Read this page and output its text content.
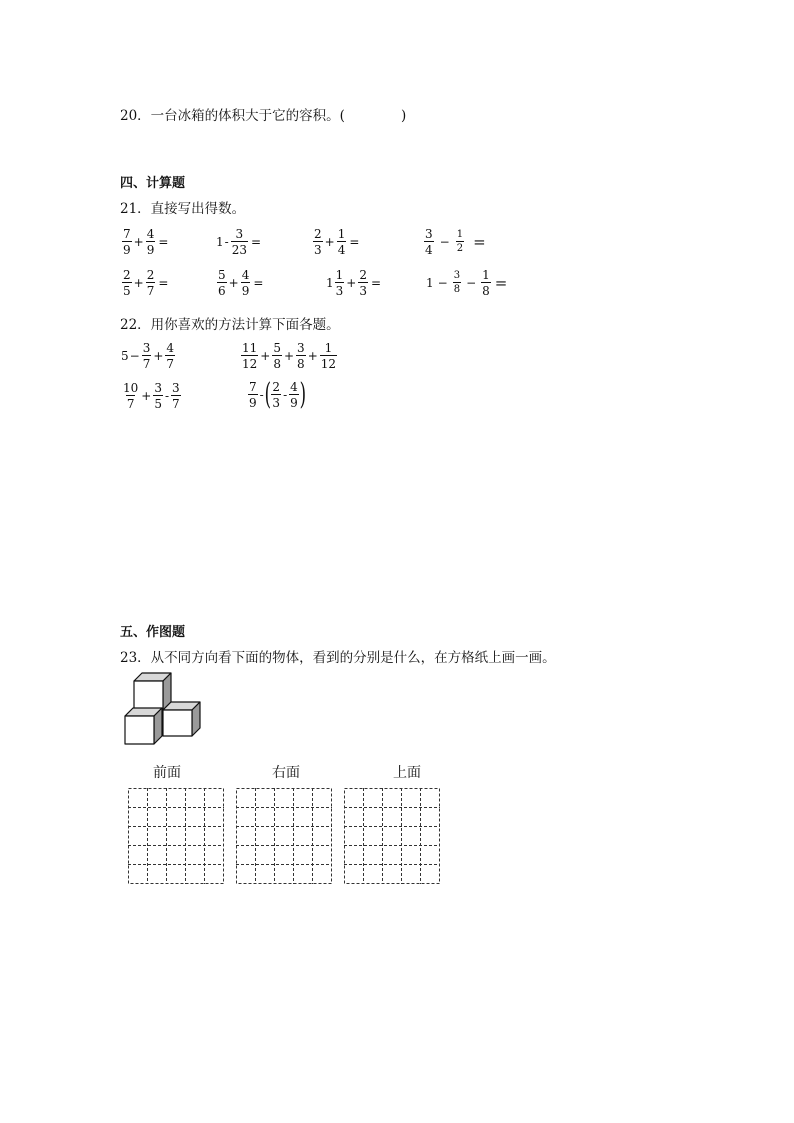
20．一台冰箱的体积大于它的容积。(	)
四、计算题
21．直接写出得数。
$\frac{7}{9} + \frac{4}{9}$ =	$1 - \frac{3}{23}$ =	$\frac{2}{3} + \frac{1}{4}$ =	$\frac{3}{4} - \frac{1}{2}$ =
$\frac{2}{5} + \frac{2}{7}$ =	$\frac{5}{6} + \frac{4}{9}$ =	$1 \frac{1}{3} + \frac{2}{3}$ =	$1 - \frac{3}{8} - \frac{1}{8}$ =
22．用你喜欢的方法计算下面各题。
$5 - \frac{3}{7} + \frac{4}{7}$	$\frac{11}{12} + \frac{5}{8} + \frac{3}{8} + \frac{1}{12}$
$\frac{10}{7} + \frac{3}{5} - \frac{3}{7}$	$\frac{7}{9}$ - ( $\frac{2}{3} - \frac{4}{9}$ )
五、作图题
23．从不同方向看下面的物体，看到的分别是什么，在方格纸上画一画。
前面	右面	上面
